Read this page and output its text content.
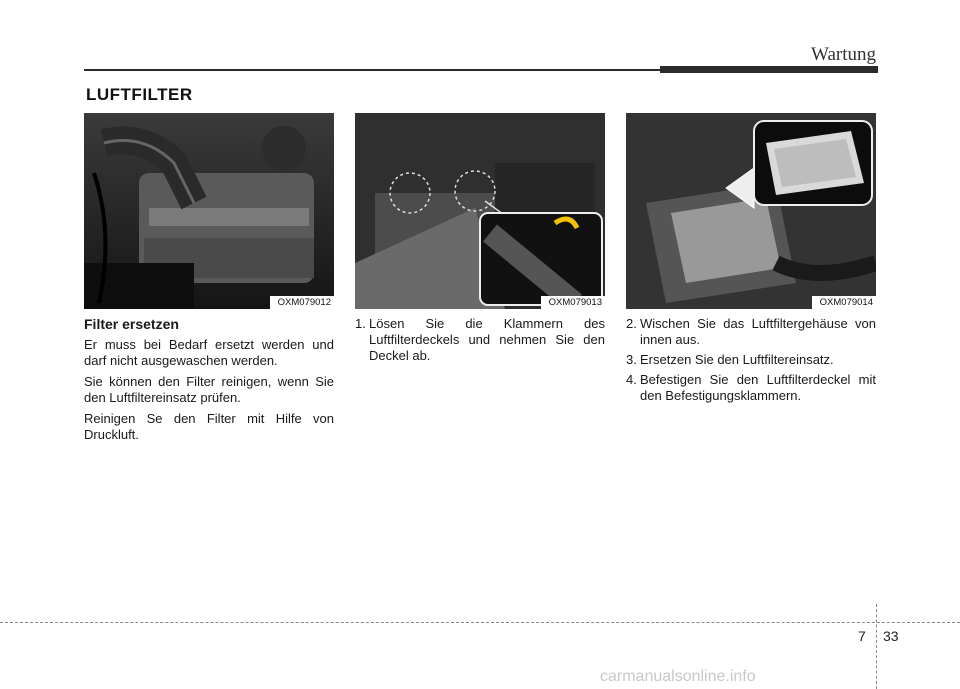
Wartung
LUFTFILTER
OXM079012	OXM079013	OXM079014
Filter ersetzen

Er muss bei Bedarf ersetzt werden und darf nicht ausgewaschen werden.

Sie können den Filter reinigen, wenn Sie den Luftfiltereinsatz prüfen.

Reinigen Se den Filter mit Hilfe von Druckluft.

1. Lösen Sie die Klammern des Luftfilterdeckels und nehmen Sie den Deckel ab.
2. Wischen Sie das Luftfiltergehäuse von innen aus.
3. Ersetzen Sie den Luftfiltereinsatz.
4. Befestigen Sie den Luftfilterdeckel mit den Befestigungsklammern.
7 33
carmanualsonline.info
